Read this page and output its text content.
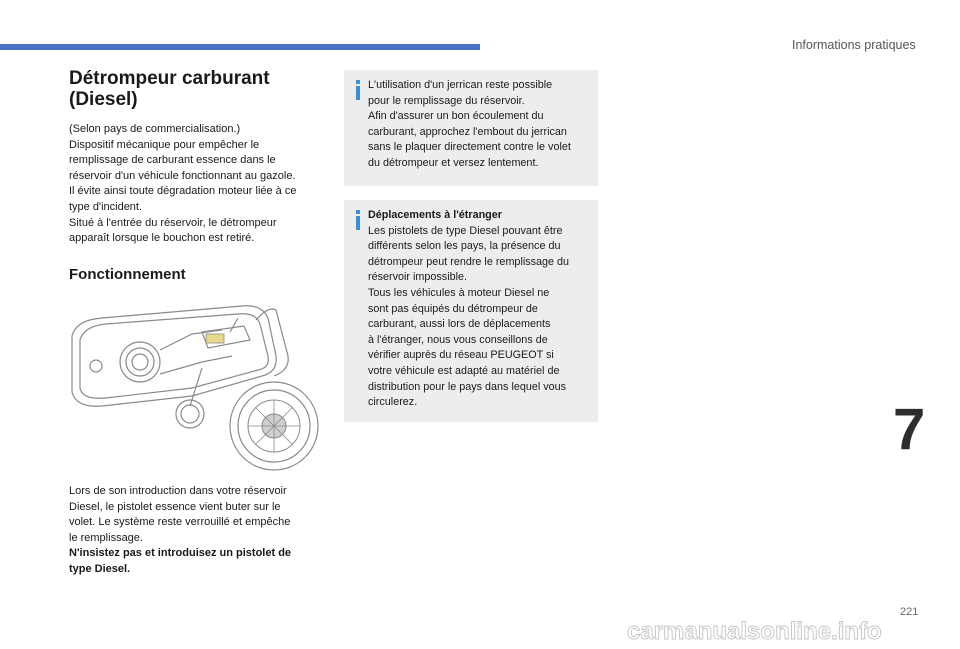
Informations pratiques
Détrompeur carburant
(Diesel)
(Selon pays de commercialisation.)
Dispositif mécanique pour empêcher le
remplissage de carburant essence dans le
réservoir d'un véhicule fonctionnant au gazole.
Il évite ainsi toute dégradation moteur liée à ce
type d'incident.
Situé à l'entrée du réservoir, le détrompeur
apparaît lorsque le bouchon est retiré.
Fonctionnement
Lors de son introduction dans votre réservoir
Diesel, le pistolet essence vient buter sur le
volet. Le système reste verrouillé et empêche
le remplissage.
N'insistez pas et introduisez un pistolet de
type Diesel.
L'utilisation d'un jerrican reste possible
pour le remplissage du réservoir.
Afin d'assurer un bon écoulement du
carburant, approchez l'embout du jerrican
sans le plaquer directement contre le volet
du détrompeur et versez lentement.
Déplacements à l'étranger
Les pistolets de type Diesel pouvant être
différents selon les pays, la présence du
détrompeur peut rendre le remplissage du
réservoir impossible.
Tous les véhicules à moteur Diesel ne
sont pas équipés du détrompeur de
carburant, aussi lors de déplacements
à l'étranger, nous vous conseillons de
vérifier auprès du réseau PEUGEOT si
votre véhicule est adapté au matériel de
distribution pour le pays dans lequel vous
circulerez.	7
221
carmanualsonline.info
